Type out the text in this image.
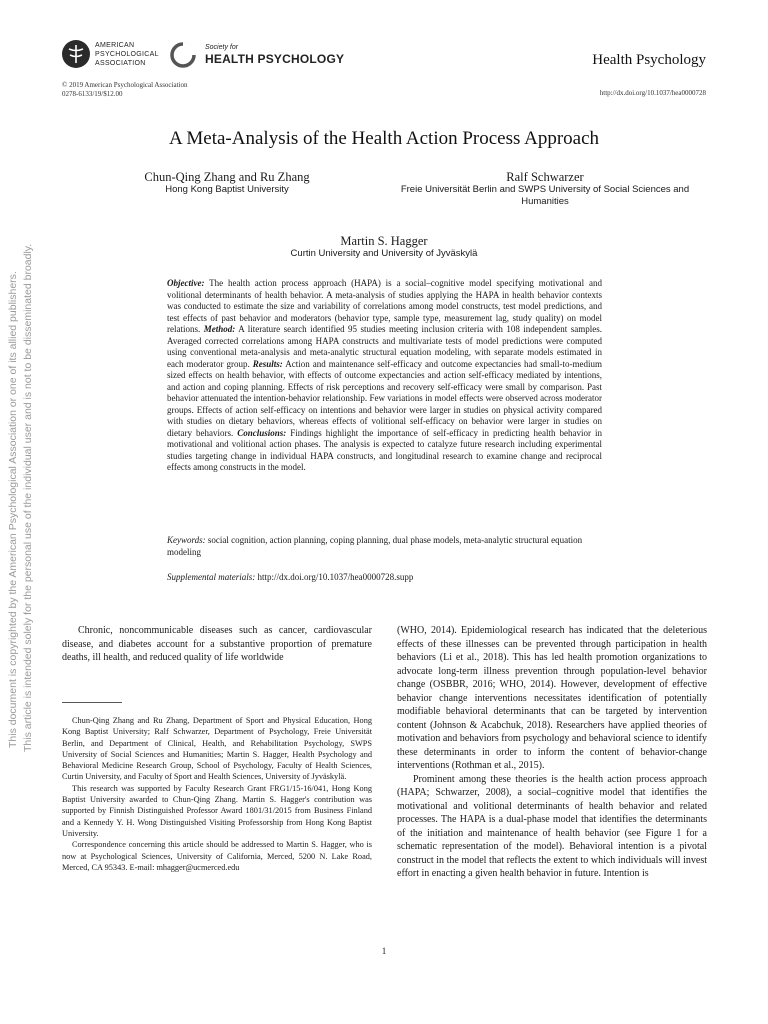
AMERICAN
PSYCHOLOGICAL
ASSOCIATION
Society for
HEALTH PSYCHOLOGY	Health Psychology
© 2019 American Psychological Association
0278-6133/19/$12.00	http://dx.doi.org/10.1037/hea0000728
A Meta-Analysis of the Health Action Process Approach
Chun-Qing Zhang and Ru Zhang
Hong Kong Baptist University
Ralf Schwarzer
Freie Universität Berlin and SWPS University of Social Sciences and Humanities
Martin S. Hagger
Curtin University and University of Jyväskylä

Objective: The health action process approach (HAPA) is a social–cognitive model specifying motivational and volitional determinants of health behavior. A meta-analysis of studies applying the HAPA in health behavior contexts was conducted to estimate the size and variability of correlations among model constructs, test model predictions, and test effects of past behavior and moderators (behavior type, sample type, measurement lag, study quality) on model relations. Method: A literature search identified 95 studies meeting inclusion criteria with 108 independent samples. Averaged corrected correlations among HAPA constructs and multivariate tests of model predictions were computed using conventional meta-analysis and meta-analytic structural equation modeling, with separate models estimated in each moderator group. Results: Action and maintenance self-efficacy and outcome expectancies had small-to-medium sized effects on health behavior, with effects of outcome expectancies and action self-efficacy mediated by intentions, and action and coping planning. Effects of risk perceptions and recovery self-efficacy were small by comparison. Past behavior attenuated the intention-behavior relationship. Few variations in model effects were observed across moderator groups. Effects of action self-efficacy on intentions and behavior were larger in studies on physical activity compared with studies on dietary behaviors, whereas effects of volitional self-efficacy on behavior were larger in studies on dietary behaviors. Conclusions: Findings highlight the importance of self-efficacy in predicting health behavior in motivational and volitional action phases. The analysis is expected to catalyze future research including experimental studies targeting change in individual HAPA constructs, and longitudinal research to examine change and reciprocal effects among constructs in the model.

Keywords: social cognition, action planning, coping planning, dual phase models, meta-analytic structural equation modeling
Supplemental materials: http://dx.doi.org/10.1037/hea0000728.supp

Chronic, noncommunicable diseases such as cancer, cardiovascular disease, and diabetes account for a substantive proportion of premature deaths, ill health, and reduced quality of life worldwide

Chun-Qing Zhang and Ru Zhang, Department of Sport and Physical Education, Hong Kong Baptist University; Ralf Schwarzer, Department of Psychology, Freie Universität Berlin, and Department of Clinical, Health, and Rehabilitation Psychology, SWPS University of Social Sciences and Humanities; Martin S. Hagger, Health Psychology and Behavioral Medicine Research Group, School of Psychology, Faculty of Health Sciences, Curtin University, and Faculty of Sport and Health Sciences, University of Jyväskylä.

This research was supported by Faculty Research Grant FRG1/15-16/041, Hong Kong Baptist University awarded to Chun-Qing Zhang. Martin S. Hagger's contribution was supported by Finnish Distinguished Professor Award 1801/31/2015 from Business Finland and a Kennedy Y. H. Wong Distinguished Visiting Professorship from Hong Kong Baptist University.

Correspondence concerning this article should be addressed to Martin S. Hagger, who is now at Psychological Sciences, University of California, Merced, 5200 N. Lake Road, Merced, CA 95343. E-mail: mhagger@ucmerced.edu

(WHO, 2014). Epidemiological research has indicated that the deleterious effects of these illnesses can be prevented through participation in health behaviors (Li et al., 2018). This has led health promotion organizations to advocate long-term illness prevention through population-level behavior change (OSBBR, 2016; WHO, 2014). However, development of effective behavior change interventions necessitates identification of potentially modifiable behavioral determinants that can be targeted by intervention content (Johnson & Acabchuk, 2018). Researchers have applied theories of motivation and behaviors from psychology and behavioral science to identify these determinants in order to inform the content of behavior-change interventions (Rothman et al., 2015).

Prominent among these theories is the health action process approach (HAPA; Schwarzer, 2008), a social–cognitive model that identifies the motivational and volitional determinants of health behavior and related processes. The HAPA is a dual-phase model that identifies the determinants of the initiation and maintenance of health behavior (see Figure 1 for a schematic representation of the model). Behavioral intention is a pivotal construct in the model that reflects the extent to which individuals will invest effort in enacting a given health behavior in future. Intention is

1
This document is copyrighted by the American Psychological Association or one of its allied publishers. This article is intended solely for the personal use of the individual user and is not to be disseminated broadly.
